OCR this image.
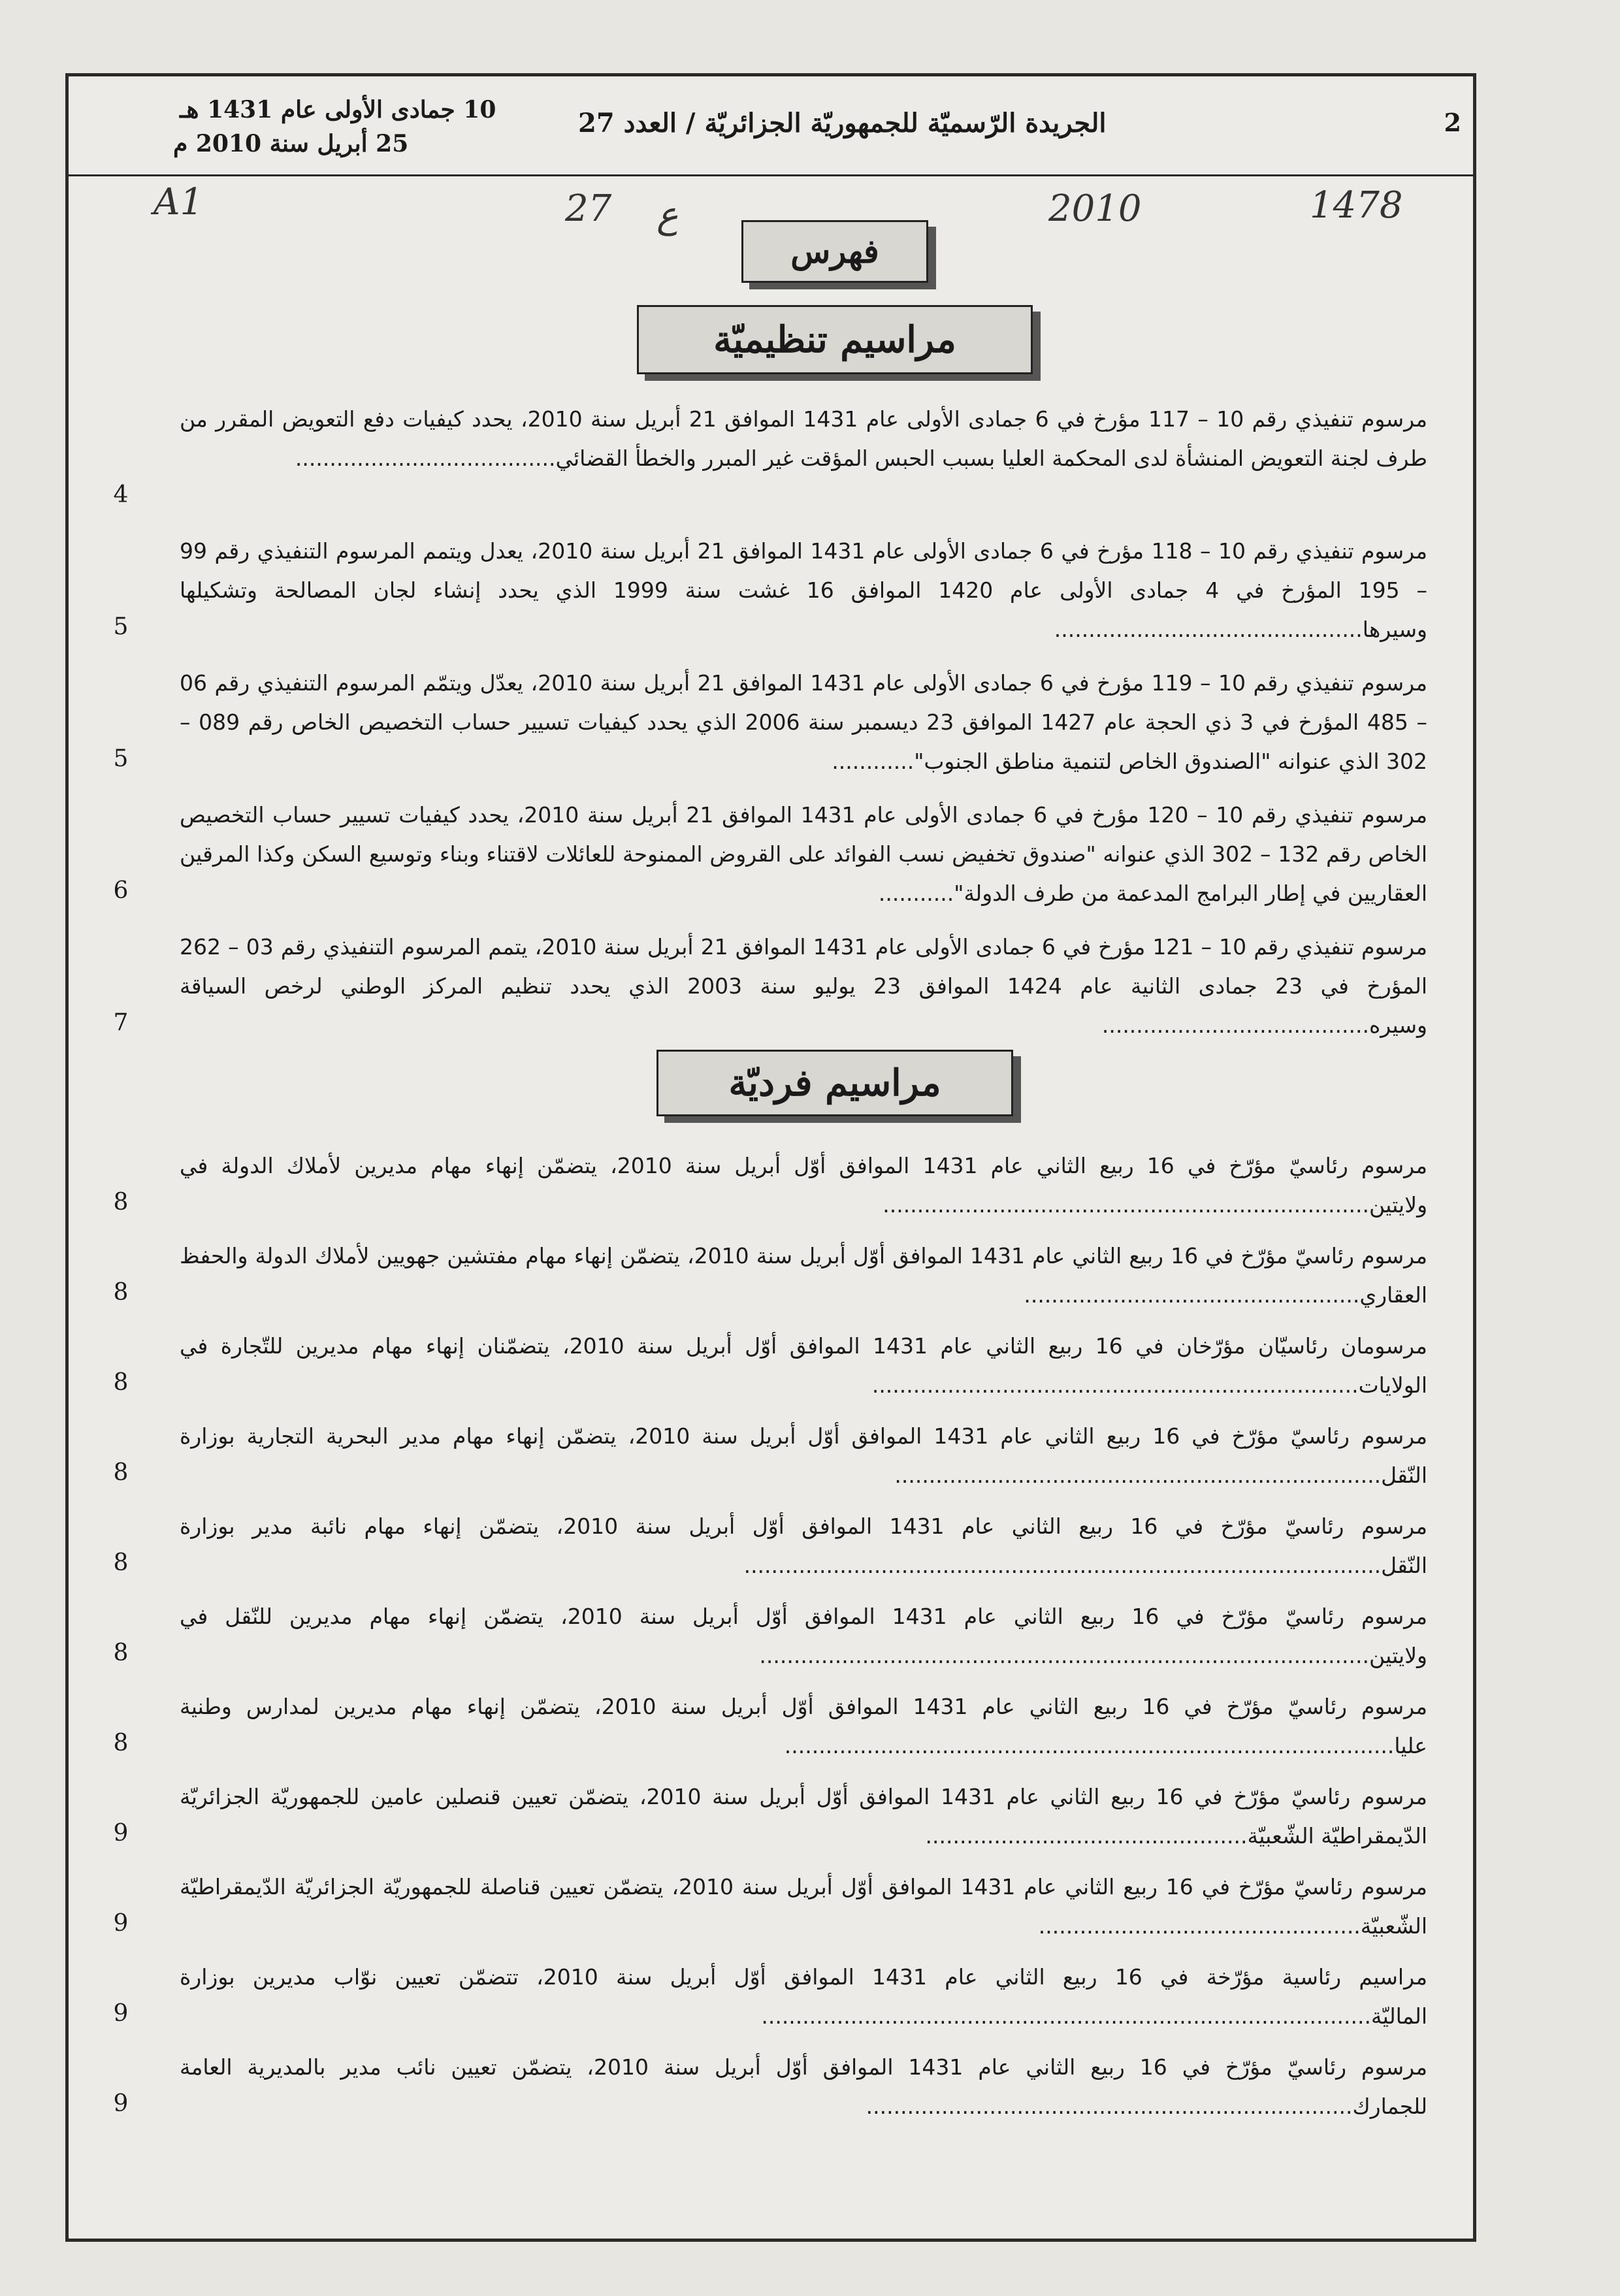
2
الجريدة الرّسميّة للجمهوريّة الجزائريّة / العدد 27
10 جمادى الأولى عام 1431 هـ
25 أبريل سنة 2010 م
A1	27 ع	2010	1478
فهرس
مراسيم تنظيميّة
مرسوم تنفيذي رقم 10 – 117 مؤرخ في 6 جمادى الأولى عام 1431 الموافق 21 أبريل سنة 2010، يحدد كيفيات دفع التعويض المقرر من طرف لجنة التعويض المنشأة لدى المحكمة العليا بسبب الحبس المؤقت غير المبرر والخطأ القضائي......................................
4
مرسوم تنفيذي رقم 10 – 118 مؤرخ في 6 جمادى الأولى عام 1431 الموافق 21 أبريل سنة 2010، يعدل ويتمم المرسوم التنفيذي رقم 99 – 195 المؤرخ في 4 جمادى الأولى عام 1420 الموافق 16 غشت سنة 1999 الذي يحدد إنشاء لجان المصالحة وتشكيلها وسيرها.............................................
5
مرسوم تنفيذي رقم 10 – 119 مؤرخ في 6 جمادى الأولى عام 1431 الموافق 21 أبريل سنة 2010، يعدّل ويتمّم المرسوم التنفيذي رقم 06 – 485 المؤرخ في 3 ذي الحجة عام 1427 الموافق 23 ديسمبر سنة 2006 الذي يحدد كيفيات تسيير حساب التخصيص الخاص رقم 089 – 302 الذي عنوانه "الصندوق الخاص لتنمية مناطق الجنوب"............
5
مرسوم تنفيذي رقم 10 – 120 مؤرخ في 6 جمادى الأولى عام 1431 الموافق 21 أبريل سنة 2010، يحدد كيفيات تسيير حساب التخصيص الخاص رقم 132 – 302 الذي عنوانه "صندوق تخفيض نسب الفوائد على القروض الممنوحة للعائلات لاقتناء وبناء وتوسيع السكن وكذا المرقين العقاريين في إطار البرامج المدعمة من طرف الدولة"...........
6
مرسوم تنفيذي رقم 10 – 121 مؤرخ في 6 جمادى الأولى عام 1431 الموافق 21 أبريل سنة 2010، يتمم المرسوم التنفيذي رقم 03 – 262 المؤرخ في 23 جمادى الثانية عام 1424 الموافق 23 يوليو سنة 2003 الذي يحدد تنظيم المركز الوطني لرخص السياقة وسيره.......................................
7
مراسيم فرديّة
مرسوم رئاسيّ مؤرّخ في 16 ربيع الثاني عام 1431 الموافق أوّل أبريل سنة 2010، يتضمّن إنهاء مهام مديرين لأملاك الدولة في ولايتين.......................................................................
8
مرسوم رئاسيّ مؤرّخ في 16 ربيع الثاني عام 1431 الموافق أوّل أبريل سنة 2010، يتضمّن إنهاء مهام مفتشين جهويين لأملاك الدولة والحفظ العقاري.................................................
8
مرسومان رئاسيّان مؤرّخان في 16 ربيع الثاني عام 1431 الموافق أوّل أبريل سنة 2010، يتضمّنان إنهاء مهام مديرين للتّجارة في الولايات.......................................................................
8
مرسوم رئاسيّ مؤرّخ في 16 ربيع الثاني عام 1431 الموافق أوّل أبريل سنة 2010، يتضمّن إنهاء مهام مدير البحرية التجارية بوزارة النّقل.......................................................................
8
مرسوم رئاسيّ مؤرّخ في 16 ربيع الثاني عام 1431 الموافق أوّل أبريل سنة 2010، يتضمّن إنهاء مهام نائبة مدير بوزارة النّقل.............................................................................................
8
مرسوم رئاسيّ مؤرّخ في 16 ربيع الثاني عام 1431 الموافق أوّل أبريل سنة 2010، يتضمّن إنهاء مهام مديرين للنّقل في ولايتين.........................................................................................
8
مرسوم رئاسيّ مؤرّخ في 16 ربيع الثاني عام 1431 الموافق أوّل أبريل سنة 2010، يتضمّن إنهاء مهام مديرين لمدارس وطنية عليا.........................................................................................
8
مرسوم رئاسيّ مؤرّخ في 16 ربيع الثاني عام 1431 الموافق أوّل أبريل سنة 2010، يتضمّن تعيين قنصلين عامين للجمهوريّة الجزائريّة الدّيمقراطيّة الشّعبيّة...............................................
9
مرسوم رئاسيّ مؤرّخ في 16 ربيع الثاني عام 1431 الموافق أوّل أبريل سنة 2010، يتضمّن تعيين قناصلة للجمهوريّة الجزائريّة الدّيمقراطيّة الشّعبيّة...............................................
9
مراسيم رئاسية مؤرّخة في 16 ربيع الثاني عام 1431 الموافق أوّل أبريل سنة 2010، تتضمّن تعيين نوّاب مديرين بوزارة الماليّة.........................................................................................
9
مرسوم رئاسيّ مؤرّخ في 16 ربيع الثاني عام 1431 الموافق أوّل أبريل سنة 2010، يتضمّن تعيين نائب مدير بالمديرية العامة للجمارك.......................................................................
9
